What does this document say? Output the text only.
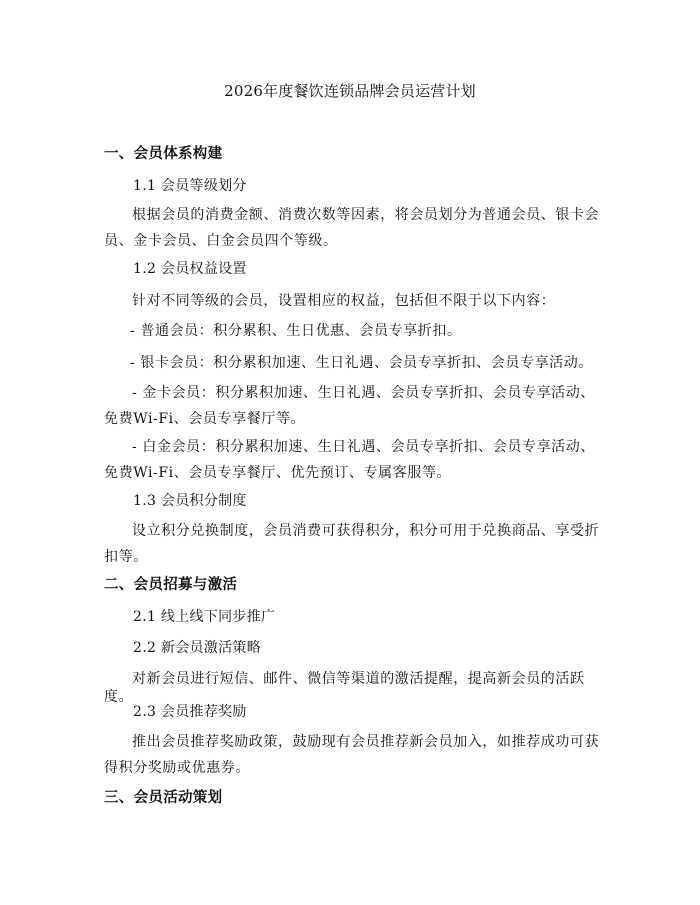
2026年度餐饮连锁品牌会员运营计划
一、会员体系构建
1.1 会员等级划分

根据会员的消费金额、消费次数等因素，将会员划分为普通会员、银卡会员、金卡会员、白金会员四个等级。

1.2 会员权益设置

针对不同等级的会员，设置相应的权益，包括但不限于以下内容：

- 普通会员：积分累积、生日优惠、会员专享折扣。

- 银卡会员：积分累积加速、生日礼遇、会员专享折扣、会员专享活动。

- 金卡会员：积分累积加速、生日礼遇、会员专享折扣、会员专享活动、免费Wi-Fi、会员专享餐厅等。

- 白金会员：积分累积加速、生日礼遇、会员专享折扣、会员专享活动、免费Wi-Fi、会员专享餐厅、优先预订、专属客服等。

1.3 会员积分制度

设立积分兑换制度，会员消费可获得积分，积分可用于兑换商品、享受折扣等。

二、会员招募与激活
2.1 线上线下同步推广
2.2 新会员激活策略

对新会员进行短信、邮件、微信等渠道的激活提醒，提高新会员的活跃度。

2.3 会员推荐奖励

推出会员推荐奖励政策，鼓励现有会员推荐新会员加入，如推荐成功可获得积分奖励或优惠券。

三、会员活动策划
